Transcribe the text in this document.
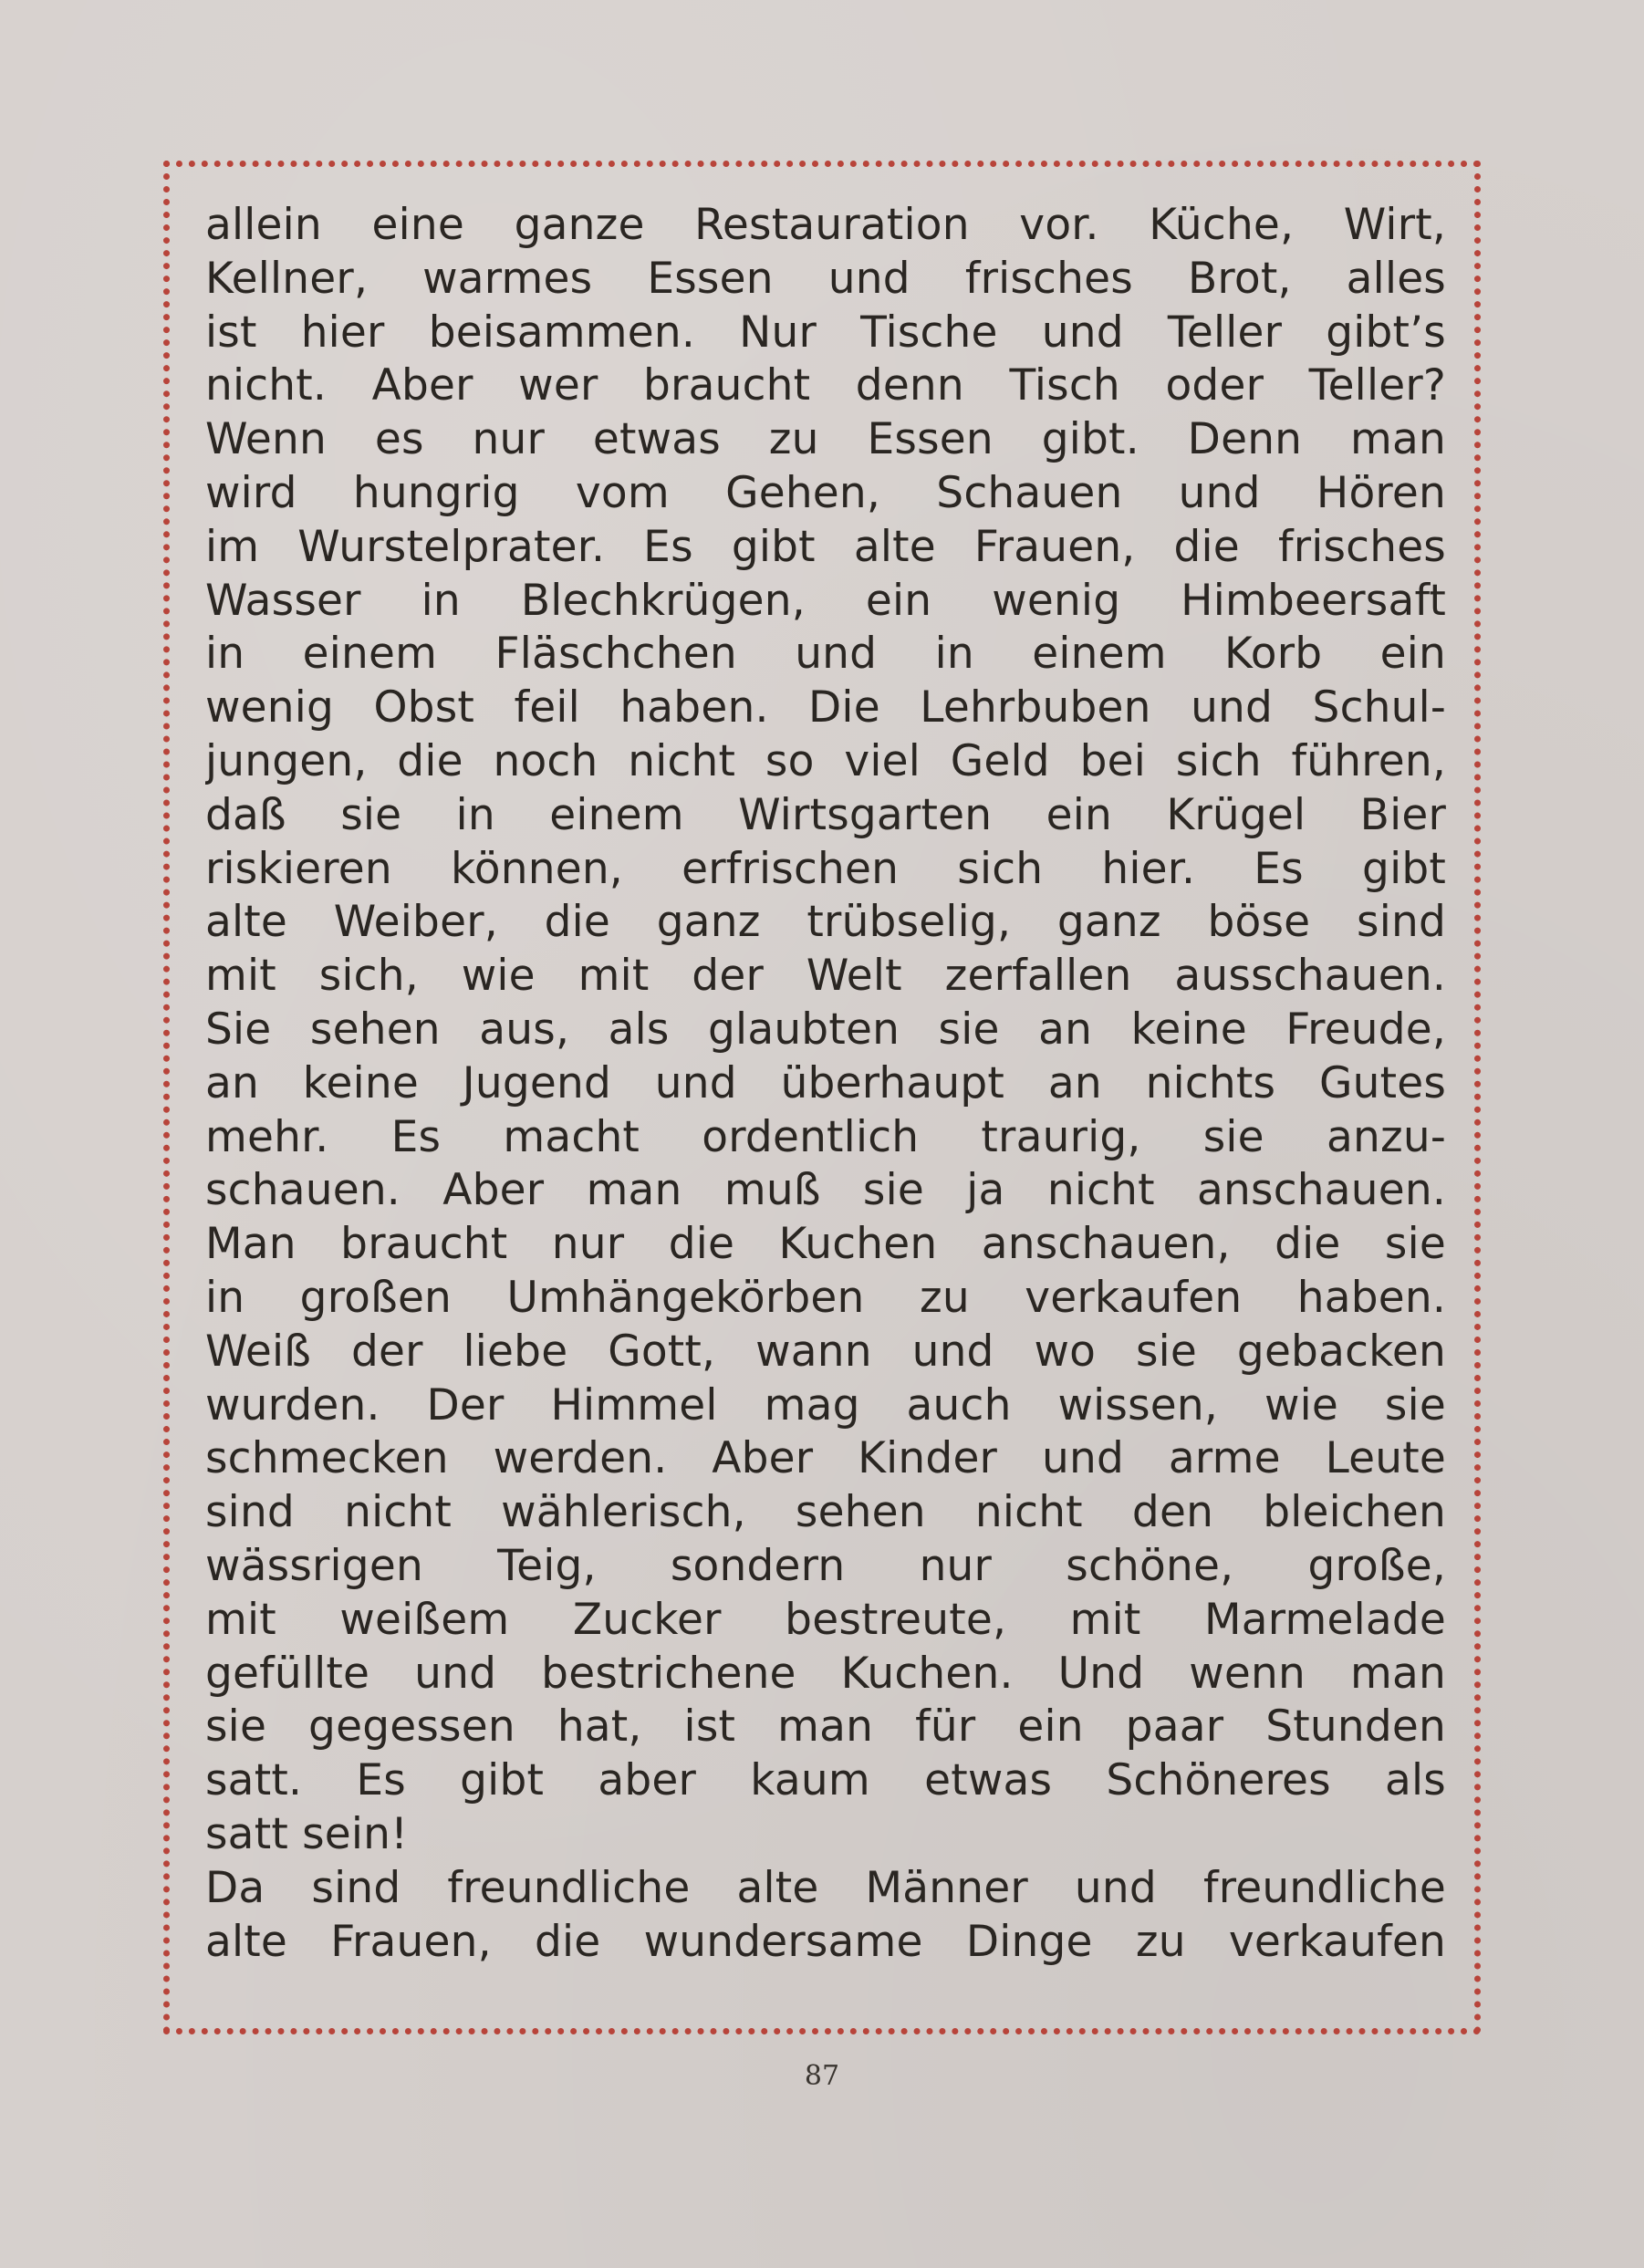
allein eine ganze Restauration vor. Küche, Wirt,
Kellner, warmes Essen und frisches Brot, alles
ist hier beisammen. Nur Tische und Teller gibt’s
nicht. Aber wer braucht denn Tisch oder Teller?
Wenn es nur etwas zu Essen gibt. Denn man
wird hungrig vom Gehen, Schauen und Hören
im Wurstelprater. Es gibt alte Frauen, die frisches
Wasser in Blechkrügen, ein wenig Himbeersaft
in einem Fläschchen und in einem Korb ein
wenig Obst feil haben. Die Lehrbuben und Schul-
jungen, die noch nicht so viel Geld bei sich führen,
daß sie in einem Wirtsgarten ein Krügel Bier
riskieren können, erfrischen sich hier. Es gibt
alte Weiber, die ganz trübselig, ganz böse sind
mit sich, wie mit der Welt zerfallen ausschauen.
Sie sehen aus, als glaubten sie an keine Freude,
an keine Jugend und überhaupt an nichts Gutes
mehr. Es macht ordentlich traurig, sie anzu-
schauen. Aber man muß sie ja nicht anschauen.
Man braucht nur die Kuchen anschauen, die sie
in großen Umhängekörben zu verkaufen haben.
Weiß der liebe Gott, wann und wo sie gebacken
wurden. Der Himmel mag auch wissen, wie sie
schmecken werden. Aber Kinder und arme Leute
sind nicht wählerisch, sehen nicht den bleichen
wässrigen Teig, sondern nur schöne, große,
mit weißem Zucker bestreute, mit Marmelade
gefüllte und bestrichene Kuchen. Und wenn man
sie gegessen hat, ist man für ein paar Stunden
satt. Es gibt aber kaum etwas Schöneres als
satt sein!
Da sind freundliche alte Männer und freundliche
alte Frauen, die wundersame Dinge zu verkaufen
87
